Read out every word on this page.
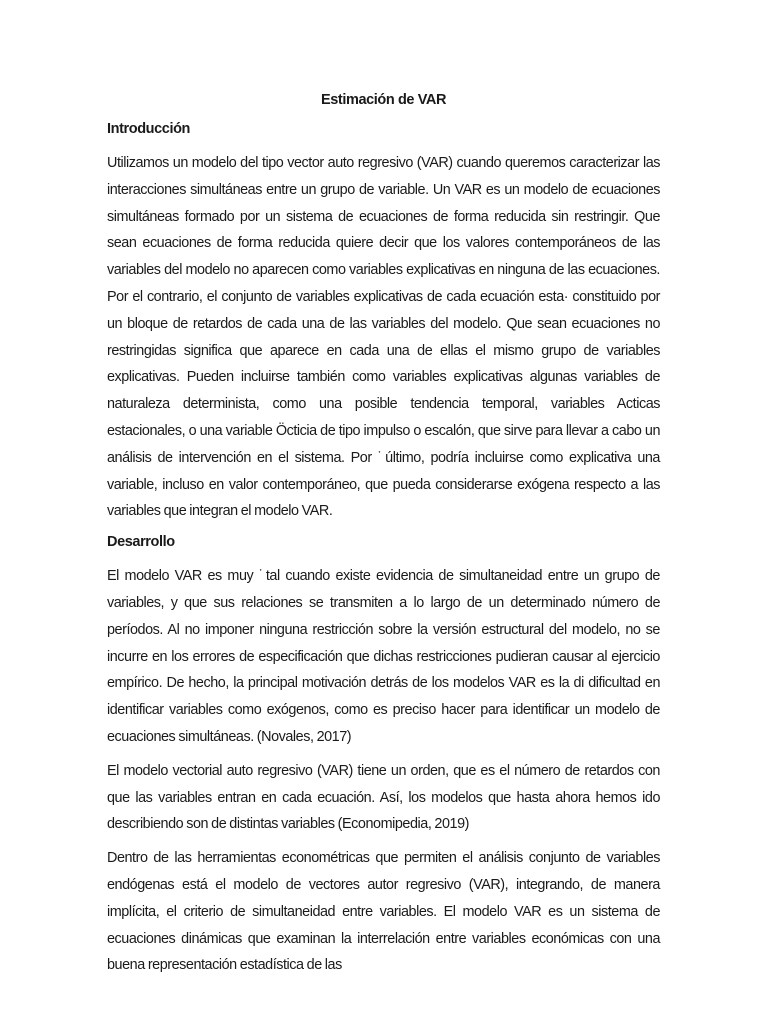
Estimación de VAR
Introducción

Utilizamos un modelo del tipo vector auto regresivo (VAR) cuando queremos caracterizar las interacciones simultáneas entre un grupo de variable. Un VAR es un modelo de ecuaciones simultáneas formado por un sistema de ecuaciones de forma reducida sin restringir. Que sean ecuaciones de forma reducida quiere decir que los valores contemporáneos de las variables del modelo no aparecen como variables explicativas en ninguna de las ecuaciones. Por el contrario, el conjunto de variables explicativas de cada ecuación esta· constituido por un bloque de retardos de cada una de las variables del modelo. Que sean ecuaciones no restringidas significa que aparece en cada una de ellas el mismo grupo de variables explicativas. Pueden incluirse también como variables explicativas algunas variables de naturaleza determinista, como una posible tendencia temporal, variables Acticas estacionales, o una variable Öcticia de tipo impulso o escalón, que sirve para llevar a cabo un análisis de intervención en el sistema. Por ˙último, podría incluirse como explicativa una variable, incluso en valor contemporáneo, que pueda considerarse exógena respecto a las variables que integran el modelo VAR.

Desarrollo

El modelo VAR es muy ˙tal cuando existe evidencia de simultaneidad entre un grupo de variables, y que sus relaciones se transmiten a lo largo de un determinado número de períodos. Al no imponer ninguna restricción sobre la versión estructural del modelo, no se incurre en los errores de especificación que dichas restricciones pudieran causar al ejercicio empírico. De hecho, la principal motivación detrás de los modelos VAR es la di dificultad en identificar variables como exógenos, como es preciso hacer para identificar un modelo de ecuaciones simultáneas. (Novales, 2017)

El modelo vectorial auto regresivo (VAR) tiene un orden, que es el número de retardos con que las variables entran en cada ecuación. Así, los modelos que hasta ahora hemos ido describiendo son de distintas variables (Economipedia, 2019)

Dentro de las herramientas econométricas que permiten el análisis conjunto de variables endógenas está el modelo de vectores autor regresivo (VAR), integrando, de manera implícita, el criterio de simultaneidad entre variables. El modelo VAR es un sistema de ecuaciones dinámicas que examinan la interrelación entre variables económicas con una buena representación estadística de las
